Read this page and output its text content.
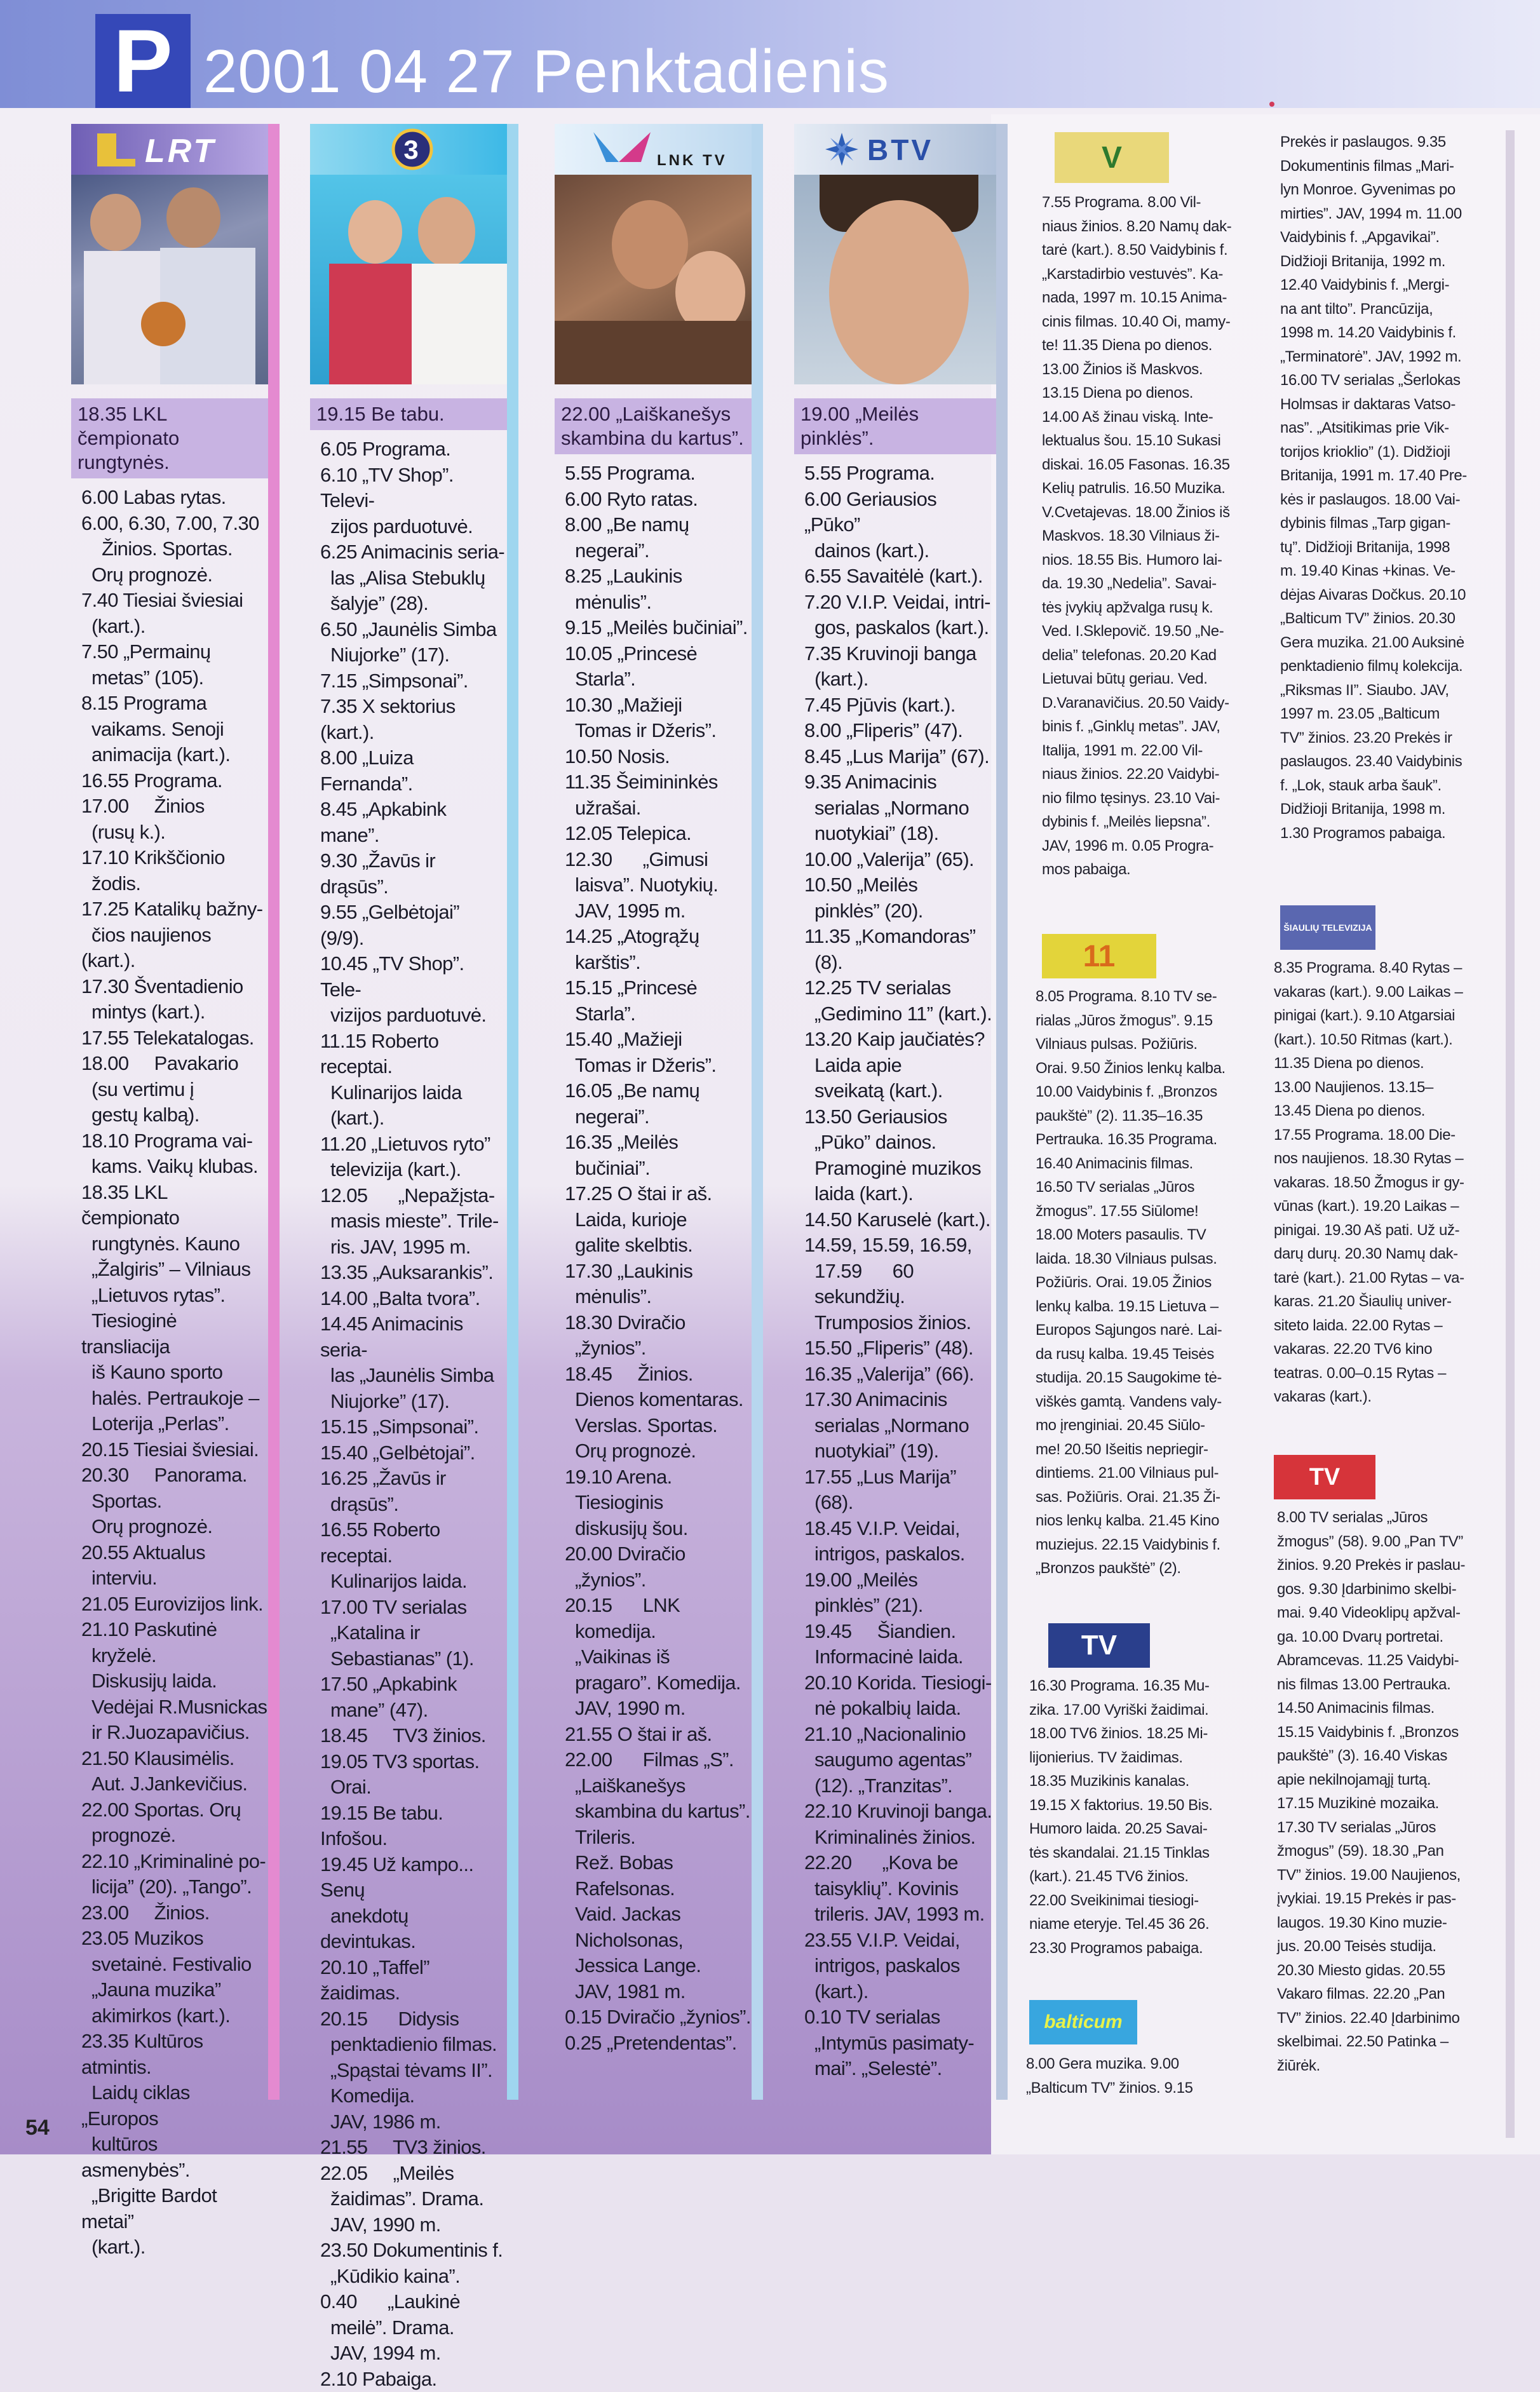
P 2001 04 27 Penktadienis
LRT
18.35 LKL čempionato rungtynės.
6.00 Labas rytas.
6.00, 6.30, 7.00, 7.30
Žinios. Sportas.
Orų prognozė.
7.40 Tiesiai šviesiai
(kart.).
7.50 „Permainų
metas” (105).
8.15 Programa
vaikams. Senoji
animacija (kart.).
16.55 Programa.
17.00     Žinios
(rusų k.).
17.10 Krikščionio
žodis.
17.25 Katalikų bažny-
čios naujienos (kart.).
17.30 Šventadienio
mintys (kart.).
17.55 Telekatalogas.
18.00     Pavakario
(su vertimu į
gestų kalbą).
18.10 Programa vai-
kams. Vaikų klubas.
18.35 LKL čempionato
rungtynės. Kauno
„Žalgiris” – Vilniaus
„Lietuvos rytas”.
Tiesioginė transliacija
iš Kauno sporto
halės. Pertraukoje –
Loterija „Perlas”.
20.15 Tiesiai šviesiai.
20.30     Panorama.
Sportas.
Orų prognozė.
20.55 Aktualus
interviu.
21.05 Eurovizijos link.
21.10 Paskutinė
kryželė.
Diskusijų laida.
Vedėjai R.Musnickas
ir R.Juozapavičius.
21.50 Klausimėlis.
Aut. J.Jankevičius.
22.00 Sportas. Orų
prognozė.
22.10 „Kriminalinė po-
licija” (20). „Tango”.
23.00     Žinios.
23.05 Muzikos
svetainė. Festivalio
„Jauna muzika”
akimirkos (kart.).
23.35 Kultūros atmintis.
Laidų ciklas „Europos
kultūros asmenybės”.
„Brigitte Bardot metai”
(kart.).
3
19.15 Be tabu.
6.05 Programa.
6.10 „TV Shop”. Televi-
zijos parduotuvė.
6.25 Animacinis seria-
las „Alisa Stebuklų
šalyje” (28).
6.50 „Jaunėlis Simba
Niujorke” (17).
7.15 „Simpsonai”.
7.35 X sektorius (kart.).
8.00 „Luiza Fernanda”.
8.45 „Apkabink mane”.
9.30 „Žavūs ir drąsūs”.
9.55 „Gelbėtojai” (9/9).
10.45 „TV Shop”. Tele-
vizijos parduotuvė.
11.15 Roberto receptai.
Kulinarijos laida
(kart.).
11.20 „Lietuvos ryto”
televizija (kart.).
12.05      „Nepažįsta-
masis mieste”. Trile-
ris. JAV, 1995 m.
13.35 „Auksarankis”.
14.00 „Balta tvora”.
14.45 Animacinis seria-
las „Jaunėlis Simba
Niujorke” (17).
15.15 „Simpsonai”.
15.40 „Gelbėtojai”.
16.25 „Žavūs ir
drąsūs”.
16.55 Roberto receptai.
Kulinarijos laida.
17.00 TV serialas
„Katalina ir
Sebastianas” (1).
17.50 „Apkabink
mane” (47).
18.45     TV3 žinios.
19.05 TV3 sportas.
Orai.
19.15 Be tabu. Infošou.
19.45 Už kampo... Senų
anekdotų devintukas.
20.10 „Taffel” žaidimas.
20.15      Didysis
penktadienio filmas.
„Spąstai tėvams II”.
Komedija.
JAV, 1986 m.
21.55     TV3 žinios.
22.05     „Meilės
žaidimas”. Drama.
JAV, 1990 m.
23.50 Dokumentinis f.
„Kūdikio kaina”.
0.40      „Laukinė
meilė”. Drama.
JAV, 1994 m.
2.10 Pabaiga.
LNK TV
22.00 „Laiškanešys skambina du kartus”.
5.55 Programa.
6.00 Ryto ratas.
8.00 „Be namų
negerai”.
8.25 „Laukinis
mėnulis”.
9.15 „Meilės bučiniai”.
10.05 „Princesė
Starla”.
10.30 „Mažieji
Tomas ir Džeris”.
10.50 Nosis.
11.35 Šeimininkės
užrašai.
12.05 Telepica.
12.30      „Gimusi
laisva”. Nuotykių.
JAV, 1995 m.
14.25 „Atogrąžų
karštis”.
15.15 „Princesė
Starla”.
15.40 „Mažieji
Tomas ir Džeris”.
16.05 „Be namų
negerai”.
16.35 „Meilės
bučiniai”.
17.25 O štai ir aš.
Laida, kurioje
galite skelbtis.
17.30 „Laukinis
mėnulis”.
18.30 Dviračio
„žynios”.
18.45     Žinios.
Dienos komentaras.
Verslas. Sportas.
Orų prognozė.
19.10 Arena.
Tiesioginis
diskusijų šou.
20.00 Dviračio
„žynios”.
20.15      LNK
komedija.
„Vaikinas iš
pragaro”. Komedija.
JAV, 1990 m.
21.55 O štai ir aš.
22.00      Filmas „S”.
„Laiškanešys
skambina du kartus”.
Trileris.
Rež. Bobas
Rafelsonas.
Vaid. Jackas
Nicholsonas,
Jessica Lange.
JAV, 1981 m.
0.15 Dviračio „žynios”.
0.25 „Pretendentas”.
BTV
19.00 „Meilės pinklės”.
5.55 Programa.
6.00 Geriausios „Pūko”
dainos (kart.).
6.55 Savaitėlė (kart.).
7.20 V.I.P. Veidai, intri-
gos, paskalos (kart.).
7.35 Kruvinoji banga
(kart.).
7.45 Pjūvis (kart.).
8.00 „Fliperis” (47).
8.45 „Lus Marija” (67).
9.35 Animacinis
serialas „Normano
nuotykiai” (18).
10.00 „Valerija” (65).
10.50 „Meilės
pinklės” (20).
11.35 „Komandoras”
(8).
12.25 TV serialas
„Gedimino 11” (kart.).
13.20 Kaip jaučiatės?
Laida apie
sveikatą (kart.).
13.50 Geriausios
„Pūko” dainos.
Pramoginė muzikos
laida (kart.).
14.50 Karuselė (kart.).
14.59, 15.59, 16.59,
17.59      60
sekundžių.
Trumposios žinios.
15.50 „Fliperis” (48).
16.35 „Valerija” (66).
17.30 Animacinis
serialas „Normano
nuotykiai” (19).
17.55 „Lus Marija”
(68).
18.45 V.I.P. Veidai,
intrigos, paskalos.
19.00 „Meilės
pinklės” (21).
19.45     Šiandien.
Informacinė laida.
20.10 Korida. Tiesiogi-
nė pokalbių laida.
21.10 „Nacionalinio
saugumo agentas”
(12). „Tranzitas”.
22.10 Kruvinoji banga.
Kriminalinės žinios.
22.20      „Kova be
taisyklių”. Kovinis
trileris. JAV, 1993 m.
23.55 V.I.P. Veidai,
intrigos, paskalos
(kart.).
0.10 TV serialas
„Intymūs pasimaty-
mai”. „Selestė”.
V
7.55 Programa. 8.00 Vil-
niaus žinios. 8.20 Namų dak-
tarė (kart.). 8.50 Vaidybinis f.
„Karstadirbio vestuvės”. Ka-
nada, 1997 m. 10.15 Anima-
cinis filmas. 10.40 Oi, mamy-
te! 11.35 Diena po dienos.
13.00 Žinios iš Maskvos.
13.15 Diena po dienos.
14.00 Aš žinau viską. Inte-
lektualus šou. 15.10 Sukasi
diskai. 16.05 Fasonas. 16.35
Kelių patrulis. 16.50 Muzika.
V.Cvetajevas. 18.00 Žinios iš
Maskvos. 18.30 Vilniaus ži-
nios. 18.55 Bis. Humoro lai-
da. 19.30 „Nedelia”. Savai-
tės įvykių apžvalga rusų k.
Ved. I.Sklepovič. 19.50 „Ne-
delia” telefonas. 20.20 Kad
Lietuvai būtų geriau. Ved.
D.Varanavičius. 20.50 Vaidy-
binis f. „Ginklų metas”. JAV,
Italija, 1991 m. 22.00 Vil-
niaus žinios. 22.20 Vaidybi-
nio filmo tęsinys. 23.10 Vai-
dybinis f. „Meilės liepsna”.
JAV, 1996 m. 0.05 Progra-
mos pabaiga.
11
8.05 Programa. 8.10 TV se-
rialas „Jūros žmogus”. 9.15
Vilniaus pulsas. Požiūris.
Orai. 9.50 Žinios lenkų kalba.
10.00 Vaidybinis f. „Bronzos
paukštė” (2). 11.35–16.35
Pertrauka. 16.35 Programa.
16.40 Animacinis filmas.
16.50 TV serialas „Jūros
žmogus”. 17.55 Siūlome!
18.00 Moters pasaulis. TV
laida. 18.30 Vilniaus pulsas.
Požiūris. Orai. 19.05 Žinios
lenkų kalba. 19.15 Lietuva –
Europos Sąjungos narė. Lai-
da rusų kalba. 19.45 Teisės
studija. 20.15 Saugokime tė-
viškės gamtą. Vandens valy-
mo įrenginiai. 20.45 Siūlo-
me! 20.50 Išeitis nepriegir-
dintiems. 21.00 Vilniaus pul-
sas. Požiūris. Orai. 21.35 Ži-
nios lenkų kalba. 21.45 Kino
muziejus. 22.15 Vaidybinis f.
„Bronzos paukštė” (2).
TV
16.30 Programa. 16.35 Mu-
zika. 17.00 Vyriški žaidimai.
18.00 TV6 žinios. 18.25 Mi-
lijonierius. TV žaidimas.
18.35 Muzikinis kanalas.
19.15 X faktorius. 19.50 Bis.
Humoro laida. 20.25 Savai-
tės skandalai. 21.15 Tinklas
(kart.). 21.45 TV6 žinios.
22.00 Sveikinimai tiesiogi-
niame eteryje. Tel.45 36 26.
23.30 Programos pabaiga.
balticum
8.00 Gera muzika. 9.00
„Balticum TV” žinios. 9.15
Prekės ir paslaugos. 9.35
Dokumentinis filmas „Mari-
lyn Monroe. Gyvenimas po
mirties”. JAV, 1994 m. 11.00
Vaidybinis f. „Apgavikai”.
Didžioji Britanija, 1992 m.
12.40 Vaidybinis f. „Mergi-
na ant tilto”. Prancūzija,
1998 m. 14.20 Vaidybinis f.
„Terminatorė”. JAV, 1992 m.
16.00 TV serialas „Šerlokas
Holmsas ir daktaras Vatso-
nas”. „Atsitikimas prie Vik-
torijos krioklio” (1). Didžioji
Britanija, 1991 m. 17.40 Pre-
kės ir paslaugos. 18.00 Vai-
dybinis filmas „Tarp gigan-
tų”. Didžioji Britanija, 1998
m. 19.40 Kinas +kinas. Ve-
dėjas Aivaras Dočkus. 20.10
„Balticum TV” žinios. 20.30
Gera muzika. 21.00 Auksinė
penktadienio filmų kolekcija.
„Riksmas II”. Siaubo. JAV,
1997 m. 23.05 „Balticum
TV” žinios. 23.20 Prekės ir
paslaugos. 23.40 Vaidybinis
f. „Lok, stauk arba šauk”.
Didžioji Britanija, 1998 m.
1.30 Programos pabaiga.
ŠIAULIŲ TELEVIZIJA
8.35 Programa. 8.40 Rytas –
vakaras (kart.). 9.00 Laikas –
pinigai (kart.). 9.10 Atgarsiai
(kart.). 10.50 Ritmas (kart.).
11.35 Diena po dienos.
13.00 Naujienos. 13.15–
13.45 Diena po dienos.
17.55 Programa. 18.00 Die-
nos naujienos. 18.30 Rytas –
vakaras. 18.50 Žmogus ir gy-
vūnas (kart.). 19.20 Laikas –
pinigai. 19.30 Aš pati. Už už-
darų durų. 20.30 Namų dak-
tarė (kart.). 21.00 Rytas – va-
karas. 21.20 Šiaulių univer-
siteto laida. 22.00 Rytas –
vakaras. 22.20 TV6 kino
teatras. 0.00–0.15 Rytas –
vakaras (kart.).
TV
8.00 TV serialas „Jūros
žmogus” (58). 9.00 „Pan TV”
žinios. 9.20 Prekės ir paslau-
gos. 9.30 Įdarbinimo skelbi-
mai. 9.40 Videoklipų apžval-
ga. 10.00 Dvarų portretai.
Abramcevas. 11.25 Vaidybi-
nis filmas 13.00 Pertrauka.
14.50 Animacinis filmas.
15.15 Vaidybinis f. „Bronzos
paukštė” (3). 16.40 Viskas
apie nekilnojamąjį turtą.
17.15 Muzikinė mozaika.
17.30 TV serialas „Jūros
žmogus” (59). 18.30 „Pan
TV” žinios. 19.00 Naujienos,
įvykiai. 19.15 Prekės ir pas-
laugos. 19.30 Kino muzie-
jus. 20.00 Teisės studija.
20.30 Miesto gidas. 20.55
Vakaro filmas. 22.20 „Pan
TV” žinios. 22.40 Įdarbinimo
skelbimai. 22.50 Patinka –
žiūrėk.
54
